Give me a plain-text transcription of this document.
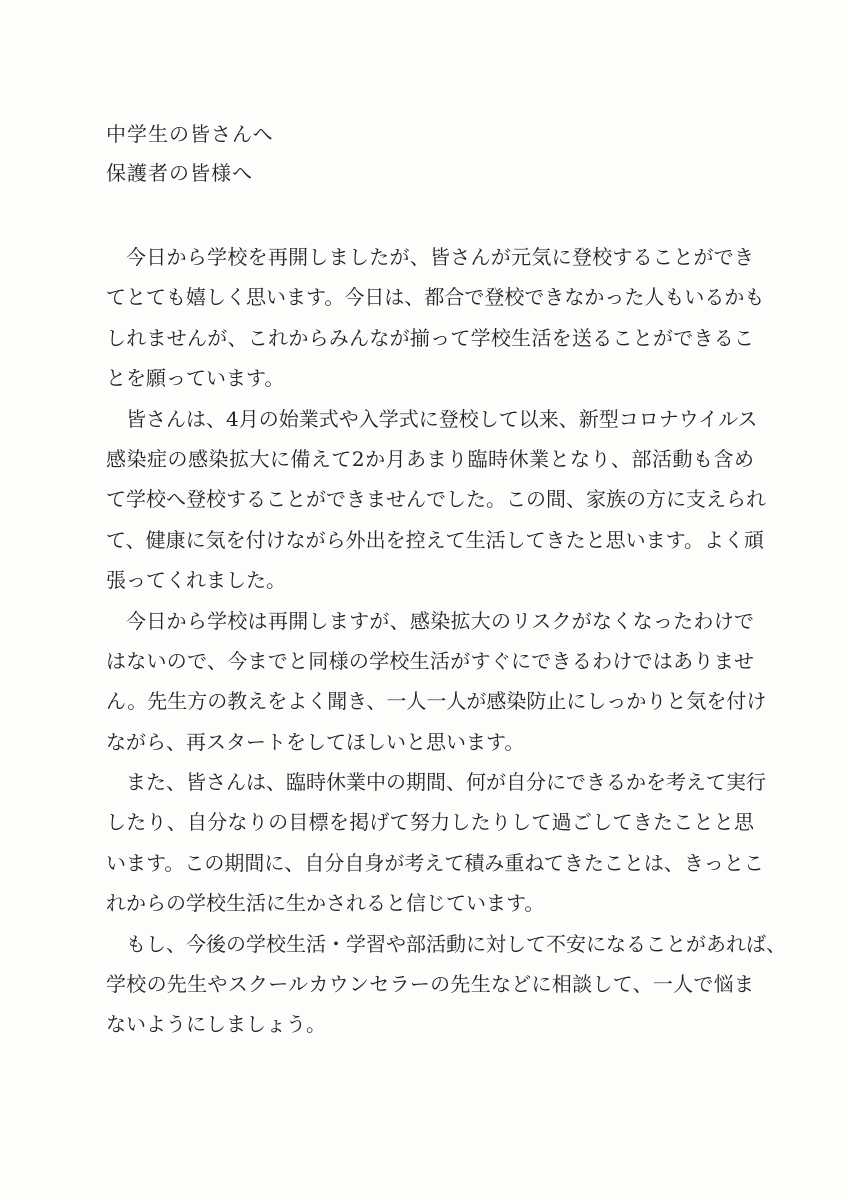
中学生の皆さんへ
保護者の皆様へ
今日から学校を再開しましたが、皆さんが元気に登校することができ
てとても嬉しく思います。今日は、都合で登校できなかった人もいるかも
しれませんが、これからみんなが揃って学校生活を送ることができるこ
とを願っています。
皆さんは、4月の始業式や入学式に登校して以来、新型コロナウイルス
感染症の感染拡大に備えて2か月あまり臨時休業となり、部活動も含め
て学校へ登校することができませんでした。この間、家族の方に支えられ
て、健康に気を付けながら外出を控えて生活してきたと思います。よく頑
張ってくれました。
今日から学校は再開しますが、感染拡大のリスクがなくなったわけで
はないので、今までと同様の学校生活がすぐにできるわけではありませ
ん。先生方の教えをよく聞き、一人一人が感染防止にしっかりと気を付け
ながら、再スタートをしてほしいと思います。
また、皆さんは、臨時休業中の期間、何が自分にできるかを考えて実行
したり、自分なりの目標を掲げて努力したりして過ごしてきたことと思
います。この期間に、自分自身が考えて積み重ねてきたことは、きっとこ
れからの学校生活に生かされると信じています。
もし、今後の学校生活・学習や部活動に対して不安になることがあれば、
学校の先生やスクールカウンセラーの先生などに相談して、一人で悩ま
ないようにしましょう。
